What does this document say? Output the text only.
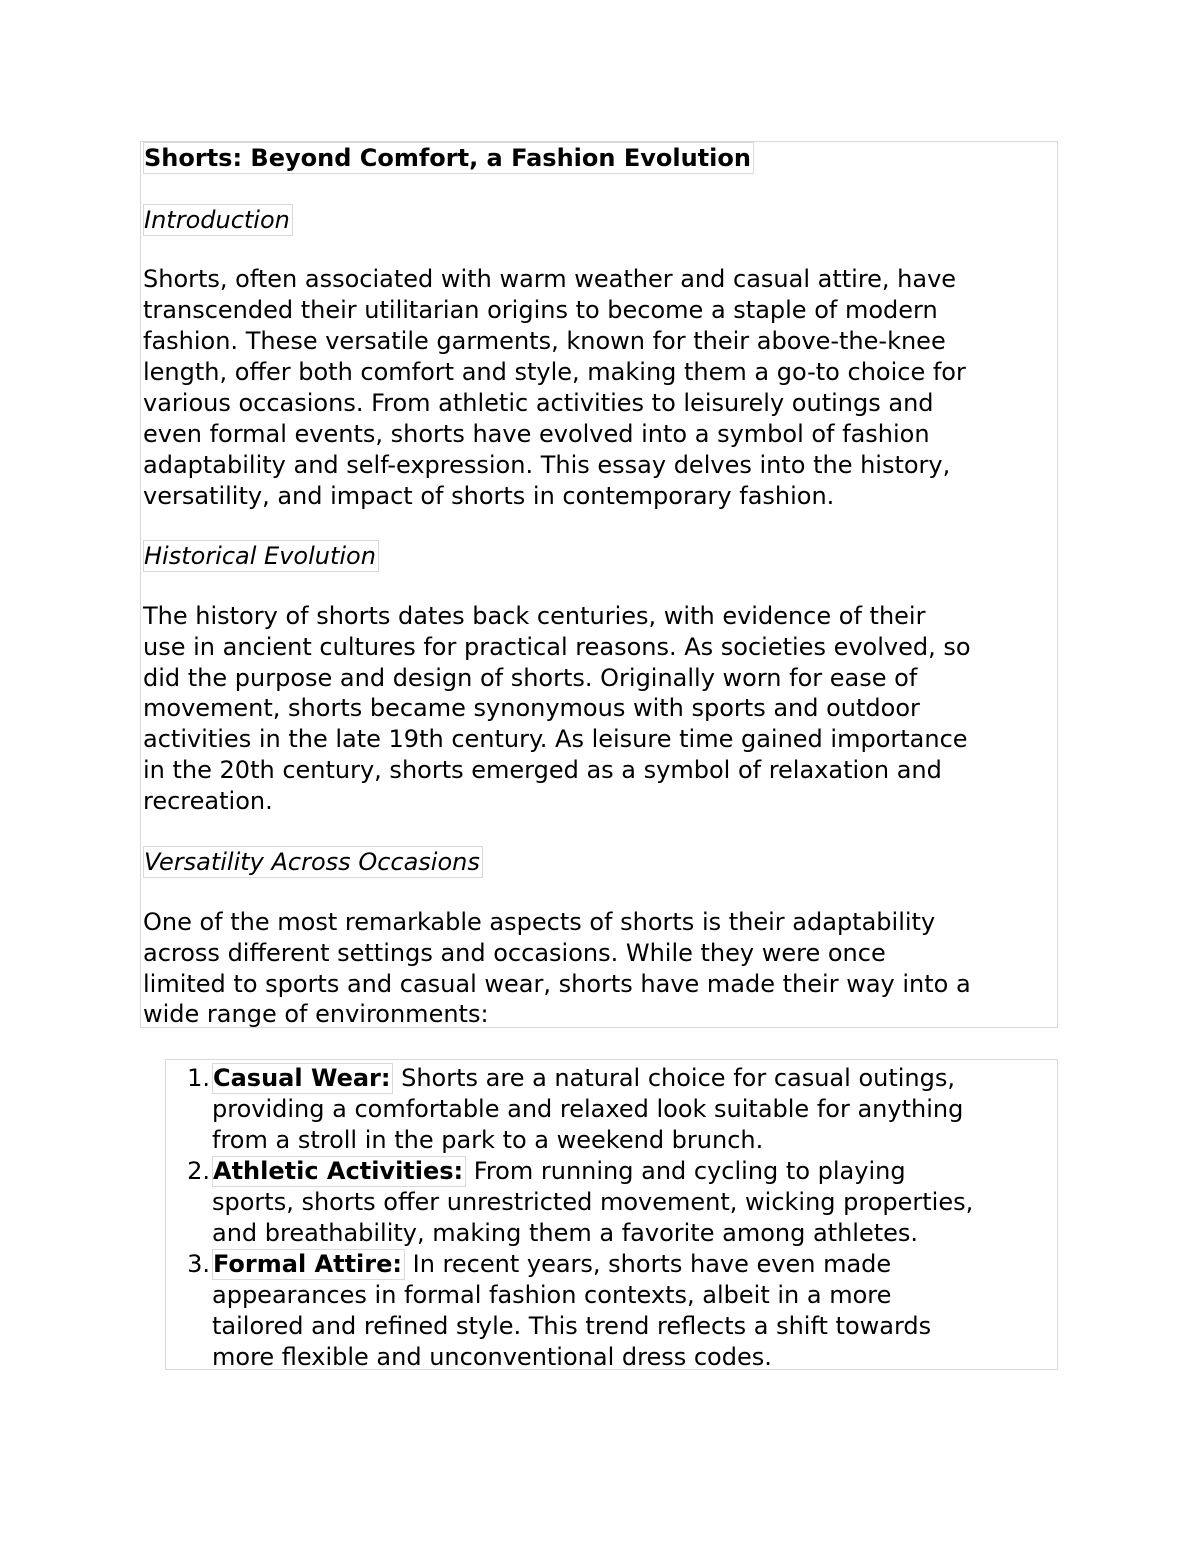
Shorts: Beyond Comfort, a Fashion Evolution
Introduction
Shorts, often associated with warm weather and casual attire, have
transcended their utilitarian origins to become a staple of modern
fashion. These versatile garments, known for their above-the-knee
length, offer both comfort and style, making them a go-to choice for
various occasions. From athletic activities to leisurely outings and
even formal events, shorts have evolved into a symbol of fashion
adaptability and self-expression. This essay delves into the history,
versatility, and impact of shorts in contemporary fashion.
Historical Evolution
The history of shorts dates back centuries, with evidence of their
use in ancient cultures for practical reasons. As societies evolved, so
did the purpose and design of shorts. Originally worn for ease of
movement, shorts became synonymous with sports and outdoor
activities in the late 19th century. As leisure time gained importance
in the 20th century, shorts emerged as a symbol of relaxation and
recreation.
Versatility Across Occasions
One of the most remarkable aspects of shorts is their adaptability
across different settings and occasions. While they were once
limited to sports and casual wear, shorts have made their way into a
wide range of environments:
1. Casual Wear: Shorts are a natural choice for casual outings,
providing a comfortable and relaxed look suitable for anything
from a stroll in the park to a weekend brunch.
2. Athletic Activities: From running and cycling to playing
sports, shorts offer unrestricted movement, wicking properties,
and breathability, making them a favorite among athletes.
3. Formal Attire: In recent years, shorts have even made
appearances in formal fashion contexts, albeit in a more
tailored and refined style. This trend reflects a shift towards
more flexible and unconventional dress codes.
